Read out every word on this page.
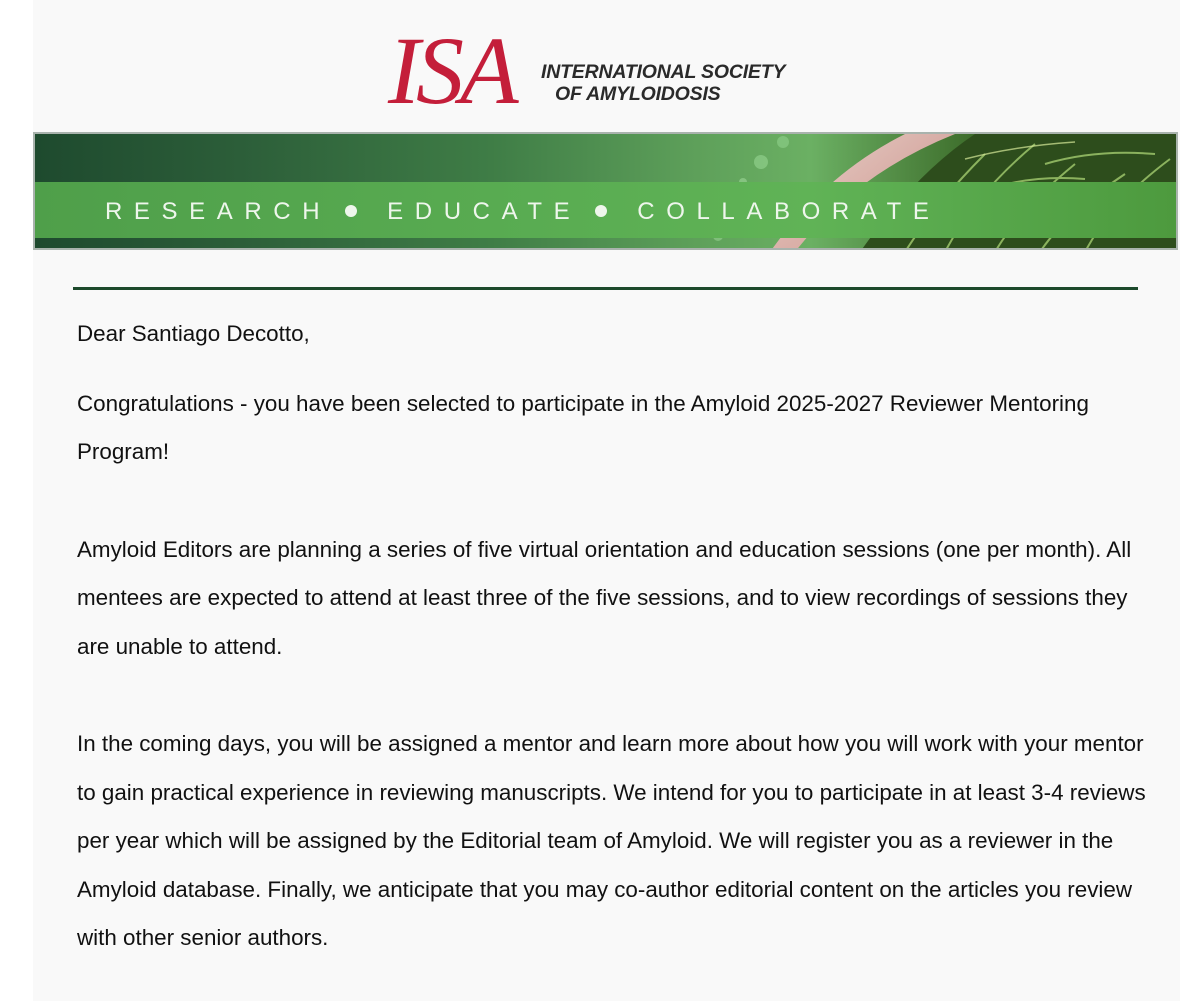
ISA INTERNATIONAL SOCIETY
OF AMYLOIDOSIS
RESEARCH EDUCATE COLLABORATE

Dear Santiago Decotto,

Congratulations - you have been selected to participate in the Amyloid 2025-2027 Reviewer Mentoring Program!

Amyloid Editors are planning a series of five virtual orientation and education sessions (one per month). All mentees are expected to attend at least three of the five sessions, and to view recordings of sessions they are unable to attend.

In the coming days, you will be assigned a mentor and learn more about how you will work with your mentor to gain practical experience in reviewing manuscripts. We intend for you to participate in at least 3-4 reviews per year which will be assigned by the Editorial team of Amyloid. We will register you as a reviewer in the Amyloid database. Finally, we anticipate that you may co-author editorial content on the articles you review with other senior authors.
